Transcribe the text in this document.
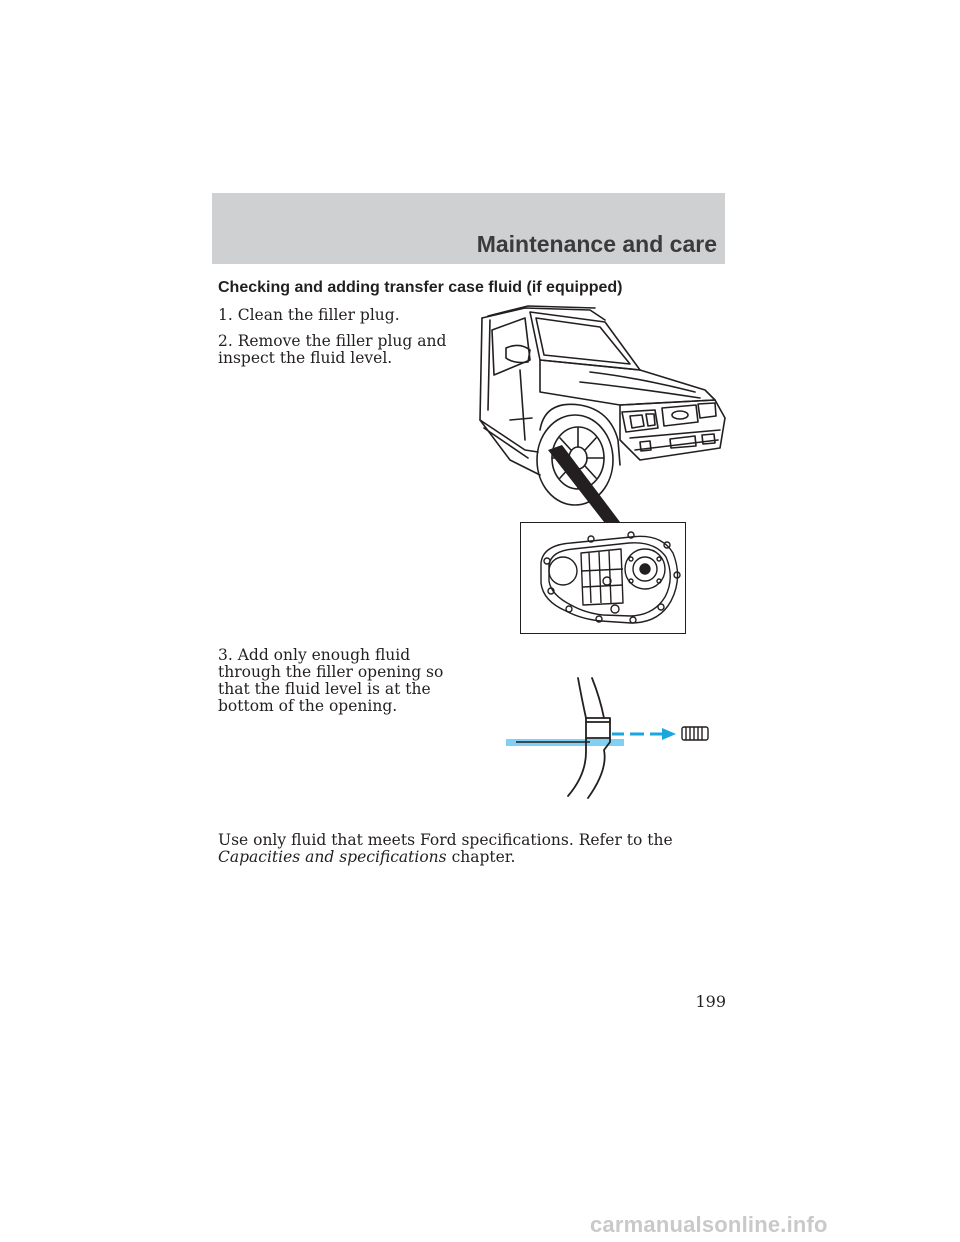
Maintenance and care
Checking and adding transfer case fluid (if equipped)
1. Clean the filler plug.
2. Remove the filler plug and inspect the fluid level.
3. Add only enough fluid through the filler opening so that the fluid level is at the bottom of the opening.
Use only fluid that meets Ford specifications. Refer to the Capacities and specifications chapter.
199
carmanualsonline.info
